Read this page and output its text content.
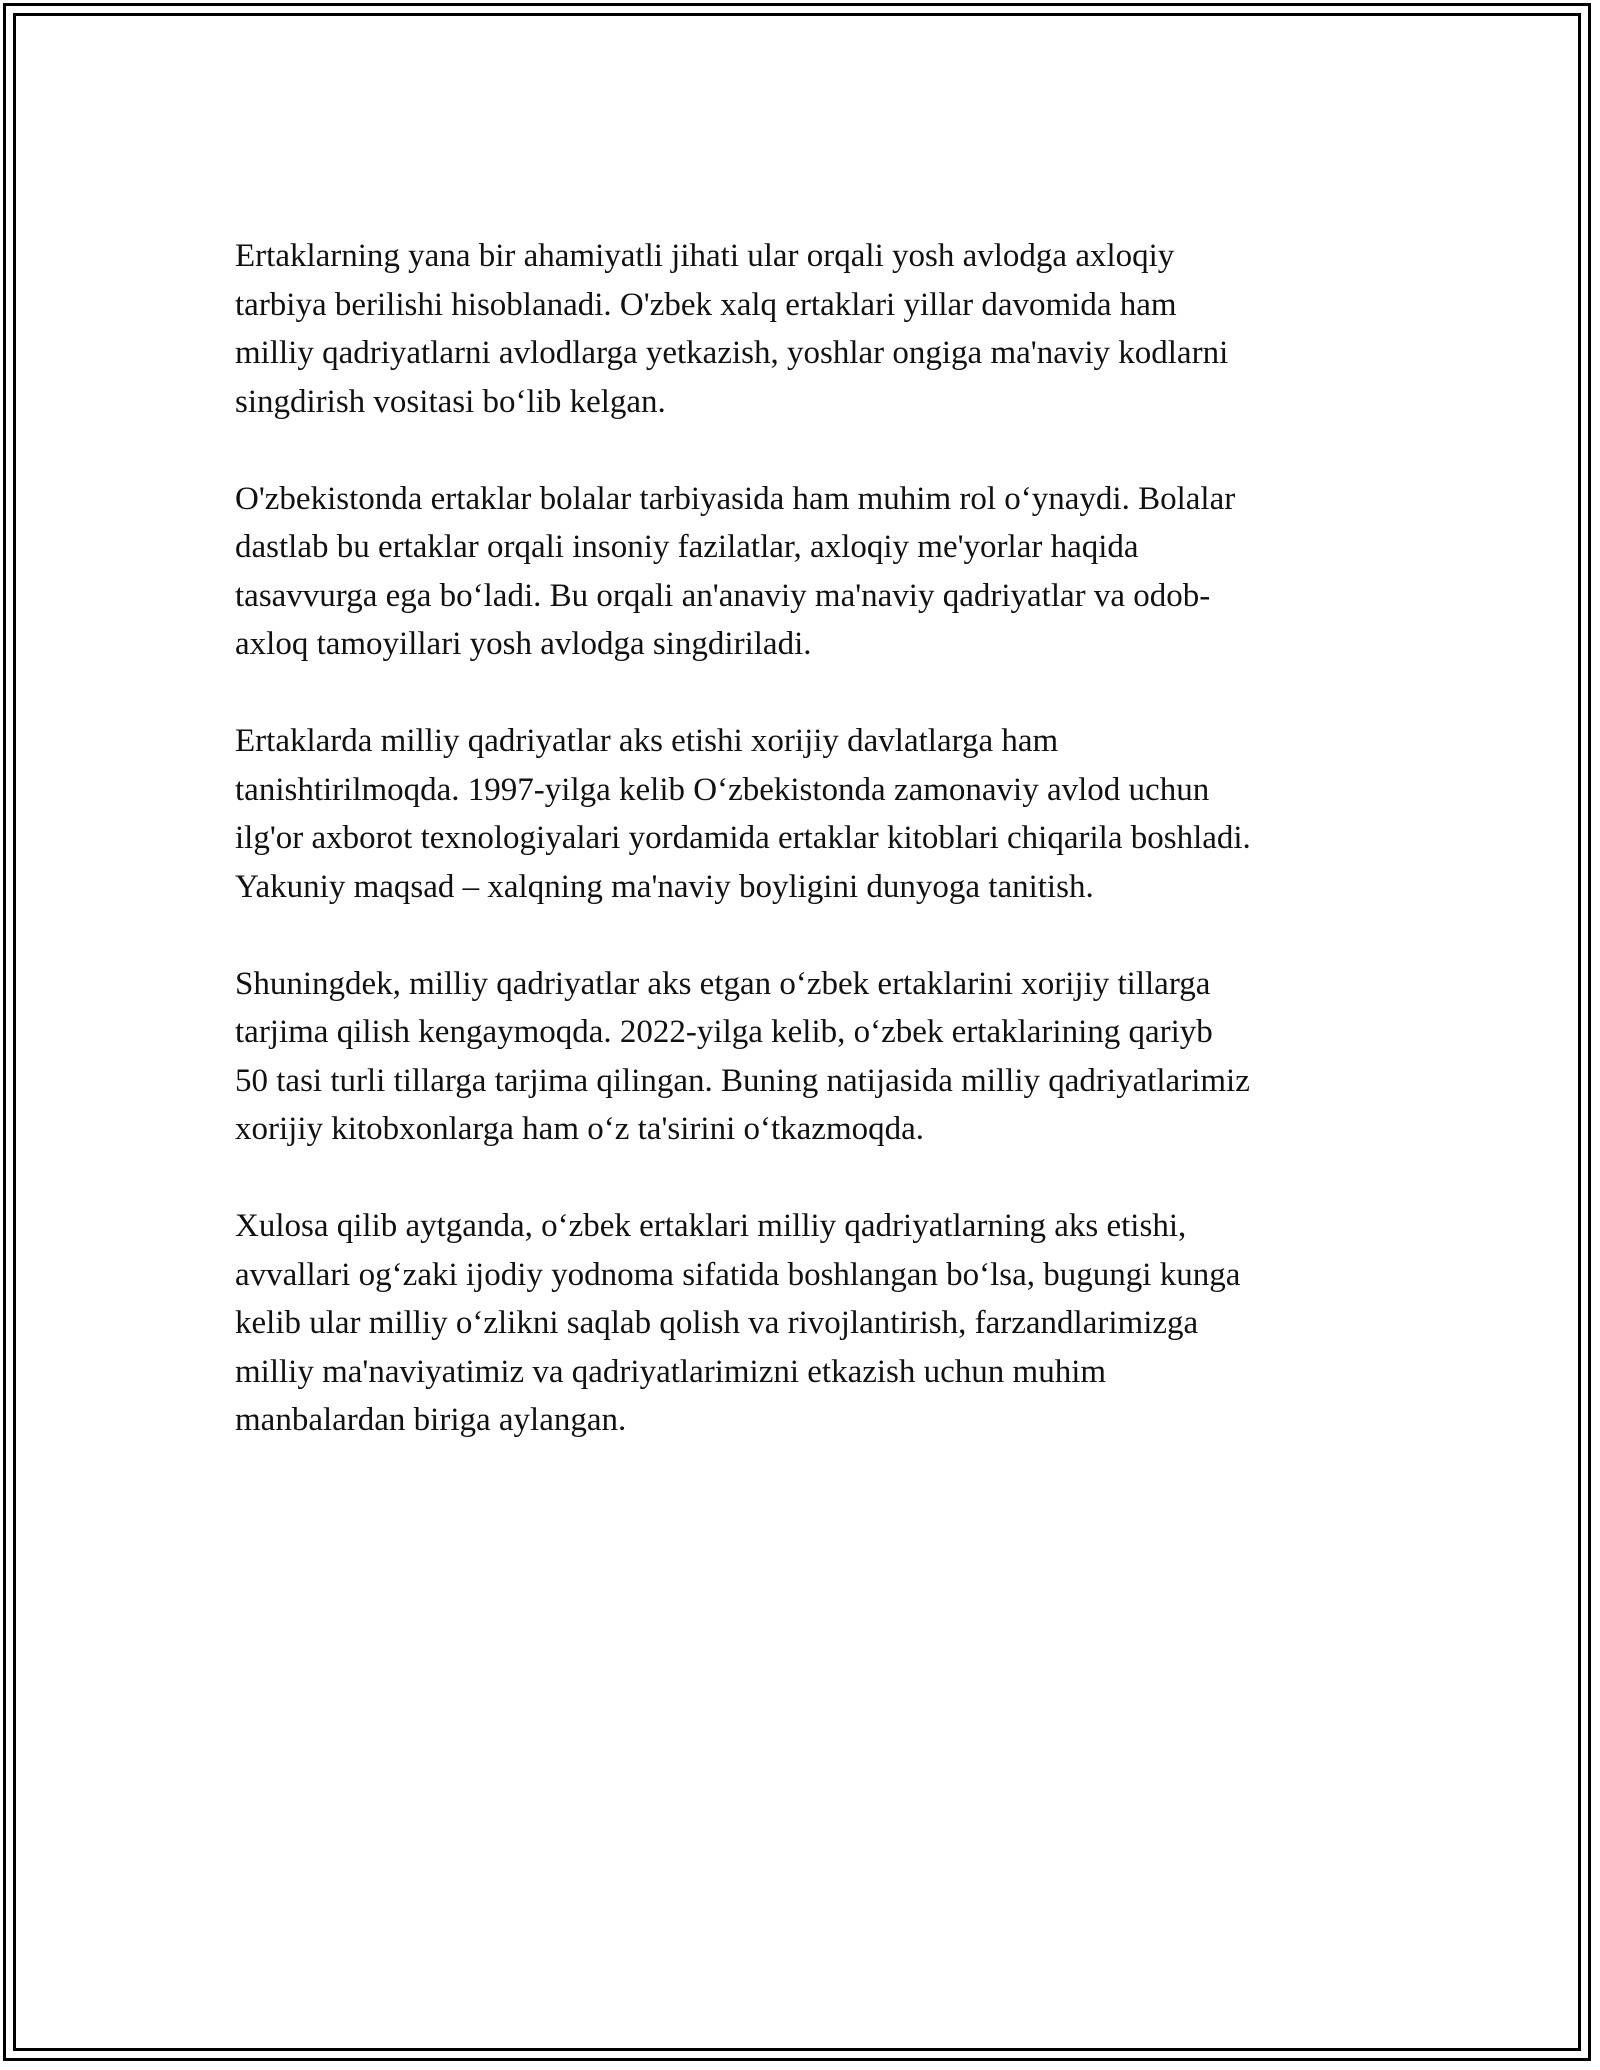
Ertaklarning yana bir ahamiyatli jihati ular orqali yosh avlodga axloqiy
tarbiya berilishi hisoblanadi. O'zbek xalq ertaklari yillar davomida ham
milliy qadriyatlarni avlodlarga yetkazish, yoshlar ongiga ma'naviy kodlarni
singdirish vositasi bo‘lib kelgan.

O'zbekistonda ertaklar bolalar tarbiyasida ham muhim rol o‘ynaydi. Bolalar
dastlab bu ertaklar orqali insoniy fazilatlar, axloqiy me'yorlar haqida
tasavvurga ega bo‘ladi. Bu orqali an'anaviy ma'naviy qadriyatlar va odob-
axloq tamoyillari yosh avlodga singdiriladi.

Ertaklarda milliy qadriyatlar aks etishi xorijiy davlatlarga ham
tanishtirilmoqda. 1997-yilga kelib O‘zbekistonda zamonaviy avlod uchun
ilg'or axborot texnologiyalari yordamida ertaklar kitoblari chiqarila boshladi.
Yakuniy maqsad – xalqning ma'naviy boyligini dunyoga tanitish.

Shuningdek, milliy qadriyatlar aks etgan o‘zbek ertaklarini xorijiy tillarga
tarjima qilish kengaymoqda. 2022-yilga kelib, o‘zbek ertaklarining qariyb
50 tasi turli tillarga tarjima qilingan. Buning natijasida milliy qadriyatlarimiz
xorijiy kitobxonlarga ham o‘z ta'sirini o‘tkazmoqda.

Xulosa qilib aytganda, o‘zbek ertaklari milliy qadriyatlarning aks etishi,
avvallari og‘zaki ijodiy yodnoma sifatida boshlangan bo‘lsa, bugungi kunga
kelib ular milliy o‘zlikni saqlab qolish va rivojlantirish, farzandlarimizga
milliy ma'naviyatimiz va qadriyatlarimizni etkazish uchun muhim
manbalardan biriga aylangan.
